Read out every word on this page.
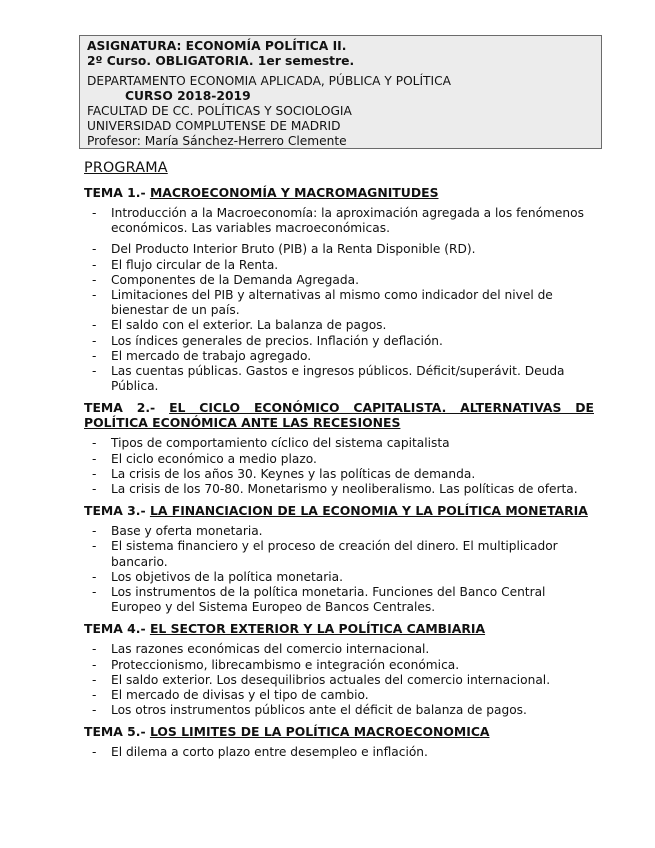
ASIGNATURA: ECONOMÍA POLÍTICA II.
2º Curso. OBLIGATORIA. 1er semestre.
DEPARTAMENTO ECONOMIA APLICADA, PÚBLICA Y POLÍTICA
CURSO 2018-2019
FACULTAD DE CC. POLÍTICAS Y SOCIOLOGIA
UNIVERSIDAD COMPLUTENSE DE MADRID
Profesor: María Sánchez-Herrero Clemente
PROGRAMA
TEMA 1.- MACROECONOMÍA Y MACROMAGNITUDES
- Introducción a la Macroeconomía: la aproximación agregada a los fenómenos económicos. Las variables macroeconómicas.
- Del Producto Interior Bruto (PIB) a la Renta Disponible (RD).
- El flujo circular de la Renta.
- Componentes de la Demanda Agregada.
- Limitaciones del PIB y alternativas al mismo como indicador del nivel de bienestar de un país.
- El saldo con el exterior. La balanza de pagos.
- Los índices generales de precios. Inflación y deflación.
- El mercado de trabajo agregado.
- Las cuentas públicas. Gastos e ingresos públicos. Déficit/superávit. Deuda Pública.
TEMA 2.- EL CICLO ECONÓMICO CAPITALISTA. ALTERNATIVAS DE POLÍTICA ECONÓMICA ANTE LAS RECESIONES
- Tipos de comportamiento cíclico del sistema capitalista
- El ciclo económico a medio plazo.
- La crisis de los años 30. Keynes y las políticas de demanda.
- La crisis de los 70-80. Monetarismo y neoliberalismo. Las políticas de oferta.
TEMA 3.- LA FINANCIACION DE LA ECONOMIA Y LA POLÍTICA MONETARIA
- Base y oferta monetaria.
- El sistema financiero y el proceso de creación del dinero. El multiplicador bancario.
- Los objetivos de la política monetaria.
- Los instrumentos de la política monetaria. Funciones del Banco Central Europeo y del Sistema Europeo de Bancos Centrales.
TEMA 4.- EL SECTOR EXTERIOR Y LA POLÍTICA CAMBIARIA
- Las razones económicas del comercio internacional.
- Proteccionismo, librecambismo e integración económica.
- El saldo exterior. Los desequilibrios actuales del comercio internacional.
- El mercado de divisas y el tipo de cambio.
- Los otros instrumentos públicos ante el déficit de balanza de pagos.
TEMA 5.- LOS LIMITES DE LA POLÍTICA MACROECONOMICA
- El dilema a corto plazo entre desempleo e inflación.
